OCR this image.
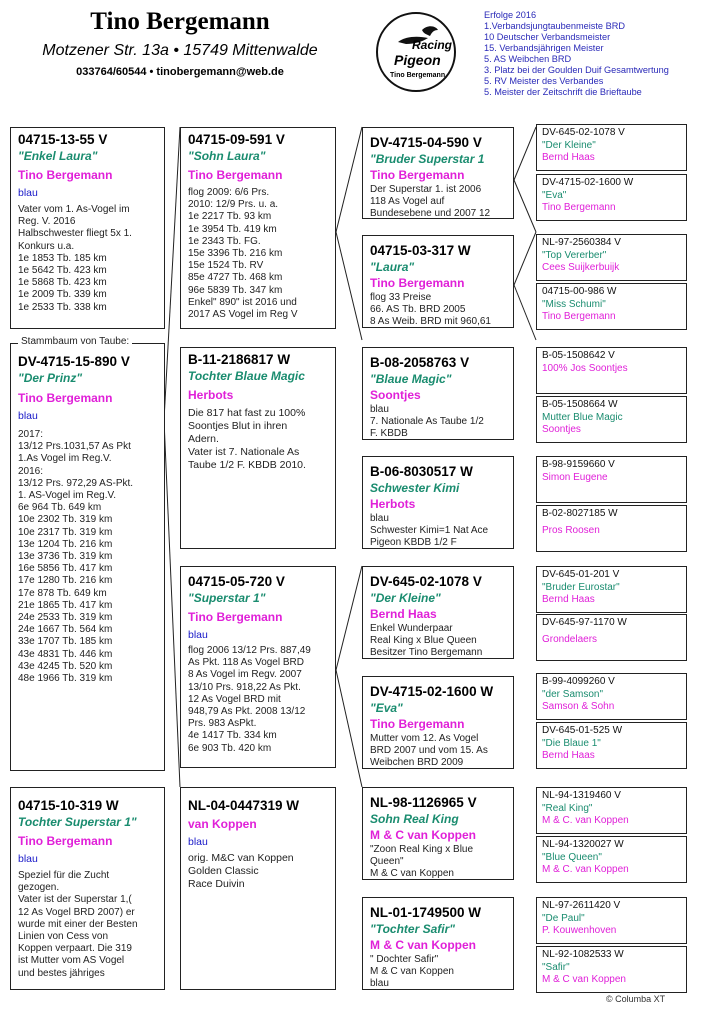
Tino Bergemann
Motzener Str. 13a • 15749 Mittenwalde
033764/60544 • tinobergemann@web.de
Racing
Pigeon
Tino Bergemann
Erfolge 2016
1.Verbandsjungtaubenmeiste BRD
10 Deutscher Verbandsmeister
15. Verbandsjährigen Meister
5. AS Weibchen BRD
3. Platz bei der Goulden Duif Gesamtwertung
5. RV Meister des Verbandes
5. Meister der Zeitschrift die Brieftaube
04715-13-55 V
"Enkel Laura"
Tino Bergemann
blau
Vater vom 1. As-Vogel im
Reg. V. 2016
Halbschwester fliegt 5x 1.
Konkurs u.a.
1e 1853 Tb. 185 km
1e 5642 Tb. 423 km
1e 5868 Tb. 423 km
1e 2009 Tb. 339 km
1e 2533 Tb. 338 km
DV-4715-15-890 V
"Der Prinz"
Tino Bergemann
blau
2017:
13/12 Prs.1031,57 As Pkt
1.As Vogel im Reg.V.
2016:
13/12 Prs. 972,29 AS-Pkt.
1. AS-Vogel im Reg.V.
6e 964 Tb. 649 km
10e 2302 Tb. 319 km
10e 2317 Tb. 319 km
13e 1204 Tb. 216 km
13e 3736 Tb. 319 km
16e 5856 Tb. 417 km
17e 1280 Tb. 216 km
17e 878 Tb. 649 km
21e 1865 Tb. 417 km
24e 2533 Tb. 319 km
24e 1667 Tb. 564 km
33e 1707 Tb. 185 km
43e 4831 Tb. 446 km
43e 4245 Tb. 520 km
48e 1966 Tb. 319 km
Stammbaum von Taube:
04715-10-319 W
Tochter Superstar 1"
Tino Bergemann
blau
Speziel für die Zucht
gezogen.
Vater ist der Superstar 1,(
12 As Vogel BRD 2007) er
wurde mit einer der Besten
Linien von Cess von
Koppen verpaart. Die 319
ist Mutter vom AS Vogel
und bestes jähriges
04715-09-591 V
"Sohn Laura"
Tino Bergemann
flog 2009: 6/6 Prs.
2010: 12/9 Prs. u. a.
1e 2217 Tb. 93 km
1e 3954 Tb. 419 km
1e 2343 Tb. FG.
15e 3396 Tb. 216 km
15e 1524 Tb. RV
85e 4727 Tb. 468 km
96e 5839 Tb. 347 km
Enkel" 890" ist 2016 und
2017 AS Vogel im Reg V
B-11-2186817 W
Tochter Blaue Magic
Herbots
Die 817 hat fast zu 100%
Soontjes Blut in ihren
Adern.
Vater ist 7. Nationale As
Taube 1/2 F. KBDB 2010.
04715-05-720 V
"Superstar 1"
Tino Bergemann
blau
flog 2006 13/12 Prs. 887,49
As Pkt. 118 As Vogel BRD
8 As Vogel im Regv. 2007
13/10 Prs. 918,22 As Pkt.
12 As Vogel BRD mit
948,79 As Pkt. 2008 13/12
Prs. 983 AsPkt.
4e 1417 Tb. 334 km
6e 903 Tb. 420 km
NL-04-0447319 W
van Koppen
blau
orig. M&C van Koppen
Golden Classic
Race Duivin
DV-4715-04-590 V
"Bruder Superstar 1
Tino Bergemann
Der Superstar 1. ist 2006
118 As Vogel auf
Bundesebene und 2007 12
04715-03-317 W
"Laura"
Tino Bergemann
flog 33 Preise
66. AS Tb. BRD 2005
8 As Weib. BRD mit 960,61
B-08-2058763 V
"Blaue Magic"
Soontjes
blau
7. Nationale As Taube 1/2
F. KBDB
B-06-8030517 W
Schwester Kimi
Herbots
blau
Schwester Kimi=1 Nat Ace
Pigeon KBDB 1/2 F
DV-645-02-1078 V
"Der Kleine"
Bernd Haas
Enkel Wunderpaar
Real King x Blue Queen
Besitzer Tino Bergemann
DV-4715-02-1600 W
"Eva"
Tino Bergemann
Mutter vom 12. As Vogel
BRD 2007 und vom 15. As
Weibchen BRD 2009
NL-98-1126965 V
Sohn Real King
M & C van Koppen
"Zoon Real King x Blue
Queen"
M & C van Koppen
NL-01-1749500 W
"Tochter Safir"
M & C van Koppen
" Dochter Safir"
M & C van Koppen
blau
DV-645-02-1078 V
"Der Kleine"
Bernd Haas
DV-4715-02-1600 W
"Eva"
Tino Bergemann
NL-97-2560384 V
"Top Vererber"
Cees Suijkerbuijk
04715-00-986 W
"Miss Schumi"
Tino Bergemann
B-05-1508642 V
100% Jos Soontjes
B-05-1508664 W
Mutter Blue Magic
Soontjes
B-98-9159660 V
Simon Eugene
B-02-8027185 W
Pros Roosen
DV-645-01-201 V
"Bruder Eurostar"
Bernd Haas
DV-645-97-1170 W
Grondelaers
B-99-4099260 V
"der Samson"
Samson & Sohn
DV-645-01-525 W
"Die Blaue 1"
Bernd Haas
NL-94-1319460 V
"Real King"
M & C. van Koppen
NL-94-1320027 W
"Blue Queen"
M & C. van Koppen
NL-97-2611420 V
"De Paul"
P. Kouwenhoven
NL-92-1082533 W
"Safir"
M & C van Koppen
© Columba XT
